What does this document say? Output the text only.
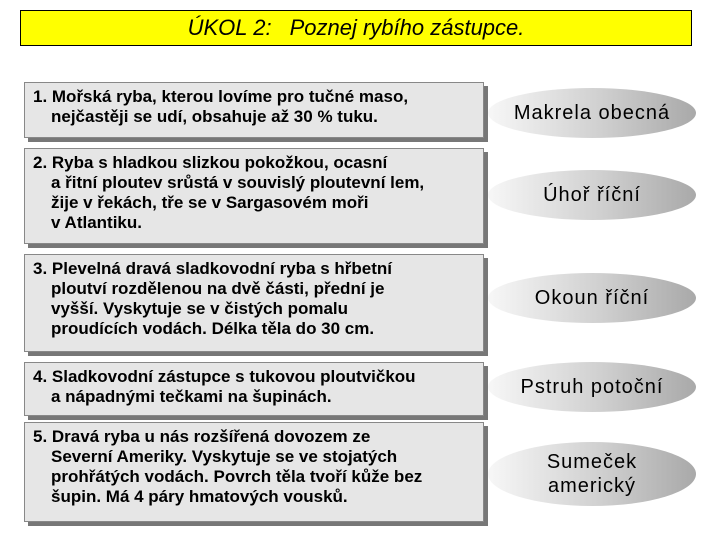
ÚKOL 2: Poznej rybího zástupce.
1. Mořská ryba, kterou lovíme pro tučné maso,
nejčastěji se udí, obsahuje až 30 % tuku.
2. Ryba s hladkou slizkou pokožkou, ocasní
a řitní ploutev srůstá v souvislý ploutevní lem,
žije v řekách, tře se v Sargasovém moři
v Atlantiku.
3. Plevelná dravá sladkovodní ryba s hřbetní
ploutví rozdělenou na dvě části, přední je
vyšší. Vyskytuje se v čistých pomalu
proudících vodách. Délka těla do 30 cm.
4. Sladkovodní zástupce s tukovou ploutvičkou
a nápadnými tečkami na šupinách.
5. Dravá ryba u nás rozšířená dovozem ze
Severní Ameriky. Vyskytuje se ve stojatých
prohřátých vodách. Povrch těla tvoří kůže bez
šupin. Má 4 páry hmatových vousků.
Makrela obecná
Úhoř říční
Okoun říční
Pstruh potoční
Sumeček
americký
